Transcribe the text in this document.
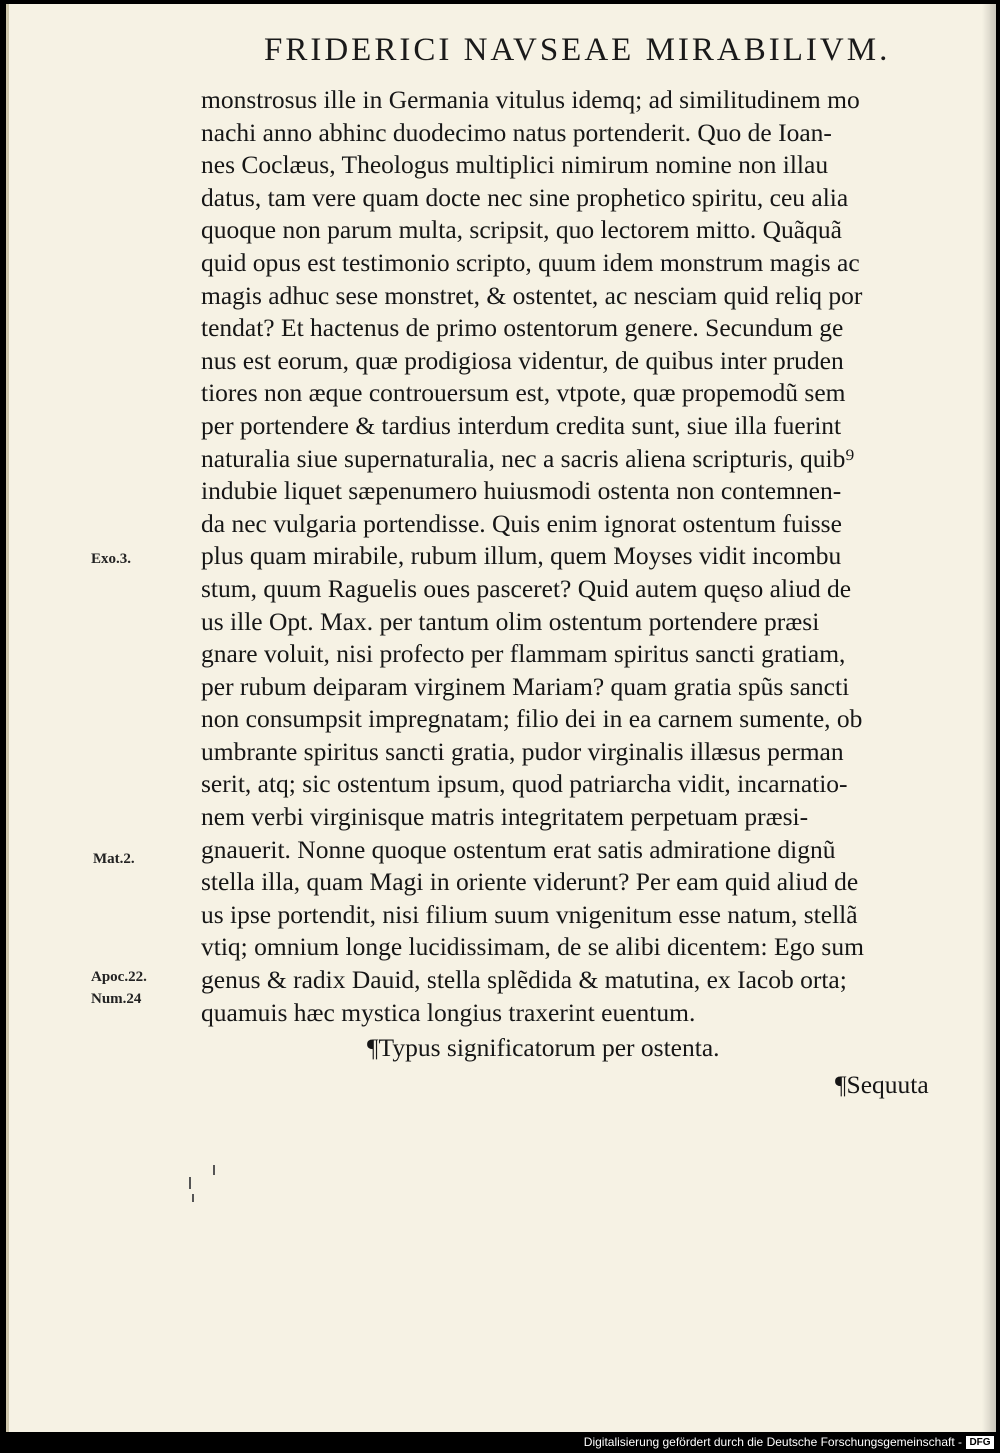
FRIDERICI NAVSEAE MIRABILIVM.
monstrosus ille in Germania vitulus idemq; ad similitudinem mo
nachi anno abhinc duodecimo natus portenderit. Quo de Ioan-
nes Coclæus, Theologus multiplici nimirum nomine non illau
datus, tam vere quam docte nec sine prophetico spiritu, ceu alia
quoque non parum multa, scripsit, quo lectorem mitto. Quãquã
quid opus est testimonio scripto, quum idem monstrum magis ac
magis adhuc sese monstret, & ostentet, ac nesciam quid reliq por
tendat? Et hactenus de primo ostentorum genere. Secundum ge
nus est eorum, quæ prodigiosa videntur, de quibus inter pruden
tiores non æque controuersum est, vtpote, quæ propemodũ sem
per portendere & tardius interdum credita sunt, siue illa fuerint
naturalia siue supernaturalia, nec a sacris aliena scripturis, quib⁹
indubie liquet sæpenumero huiusmodi ostenta non contemnen-
da nec vulgaria portendisse. Quis enim ignorat ostentum fuisse
plus quam mirabile, rubum illum, quem Moyses vidit incombu
stum, quum Raguelis oues pasceret? Quid autem quęso aliud de
us ille Opt. Max. per tantum olim ostentum portendere præsi
gnare voluit, nisi profecto per flammam spiritus sancti gratiam,
per rubum deiparam virginem Mariam? quam gratia spũs sancti
non consumpsit impregnatam; filio dei in ea carnem sumente, ob
umbrante spiritus sancti gratia, pudor virginalis illæsus perman
serit, atq; sic ostentum ipsum, quod patriarcha vidit, incarnatio-
nem verbi virginisque matris integritatem perpetuam præsi-
gnauerit. Nonne quoque ostentum erat satis admiratione dignũ
stella illa, quam Magi in oriente viderunt? Per eam quid aliud de
us ipse portendit, nisi filium suum vnigenitum esse natum, stellã
vtiq; omnium longe lucidissimam, de se alibi dicentem: Ego sum
genus & radix Dauid, stella splẽdida & matutina, ex Iacob orta;
quamuis hæc mystica longius traxerint euentum.

¶Typus significatorum per ostenta.

¶Sequuta

Exo.3.

Mat.2.

Apoc.22.

Num.24

Digitalisierung gefördert durch die Deutsche Forschungsgemeinschaft - DFG
